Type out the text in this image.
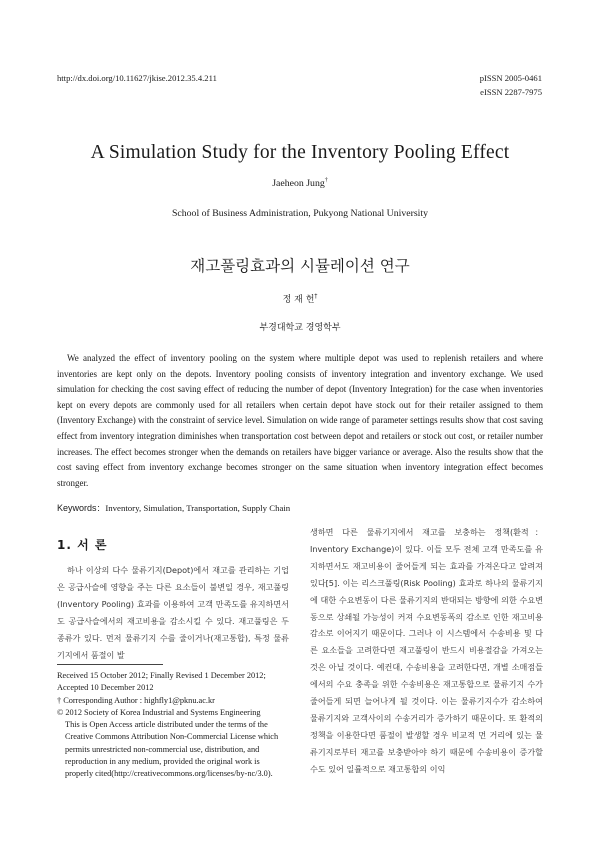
http://dx.doi.org/10.11627/jkise.2012.35.4.211	pISSN 2005-0461
eISSN 2287-7975
A Simulation Study for the Inventory Pooling Effect
Jaeheon Jung†
School of Business Administration, Pukyong National University
재고풀링효과의 시뮬레이션 연구
정 재 헌†
부경대학교 경영학부

We analyzed the effect of inventory pooling on the system where multiple depot was used to replenish retailers and where inventories are kept only on the depots. Inventory pooling consists of inventory integration and inventory exchange. We used simulation for checking the cost saving effect of reducing the number of depot (Inventory Integration) for the case when inventories kept on every depots are commonly used for all retailers when certain depot have stock out for their retailer assigned to them (Inventory Exchange) with the constraint of service level. Simulation on wide range of parameter settings results show that cost saving effect from inventory integration diminishes when transportation cost between depot and retailers or stock out cost, or retailer number increases. The effect becomes stronger when the demands on retailers have bigger variance or average. Also the results show that the cost saving effect from inventory exchange becomes stronger on the same situation when inventory integration effect becomes stronger.

Keywords：Inventory, Simulation, Transportation, Supply Chain
1. 서 론

하나 이상의 다수 물류기지(Depot)에서 재고를 관리하는 기업은 공급사슬에 영향을 주는 다른 요소들이 불변일 경우, 재고풀링(Inventory Pooling) 효과를 이용하여 고객 만족도를 유지하면서도 공급사슬에서의 재고비용을 감소시킬 수 있다. 재고풀링은 두 종류가 있다. 먼저 물류기지 수를 줄이거나(재고통합), 특정 물류기지에서 품절이 발

생하면 다른 물류기지에서 재고를 보충하는 정책(환적：Inventory Exchange)이 있다. 이들 모두 전체 고객 만족도를 유지하면서도 재고비용이 줄어들게 되는 효과를 가져온다고 알려져 있다[5]. 이는 리스크풀링(Risk Pooling) 효과로 하나의 물류기지에 대한 수요변동이 다른 물류기지의 반대되는 방향에 의한 수요변동으로 상쇄될 가능성이 커져 수요변동폭의 감소로 인한 재고비용 감소로 이어지기 때문이다. 그러나 이 시스템에서 수송비용 및 다른 요소들을 고려한다면 재고풀링이 반드시 비용절감을 가져오는 것은 아닐 것이다. 예컨대, 수송비용을 고려한다면, 개별 소매점들에서의 수요 충족을 위한 수송비용은 재고통합으로 물류기지 수가 줄어들게 되면 늘어나게 될 것이다. 이는 물류기지수가 감소하여 물류기지와 고객사이의 수송거리가 증가하기 때문이다. 또 환적의 정책을 이용한다면 품절이 발생할 경우 비교적 먼 거리에 있는 물류기지로부터 재고를 보충받아야 하기 때문에 수송비용이 증가할 수도 있어 일률적으로 재고통합의 이익

Received 15 October 2012; Finally Revised 1 December 2012;
Accepted 10 December 2012
† Corresponding Author : highfly1@pknu.ac.kr
© 2012 Society of Korea Industrial and Systems Engineering
This is Open Access article distributed under the terms of the Creative Commons Attribution Non-Commercial License which permits unrestricted non-commercial use, distribution, and reproduction in any medium, provided the original work is properly cited(http://creativecommons.org/licenses/by-nc/3.0).
